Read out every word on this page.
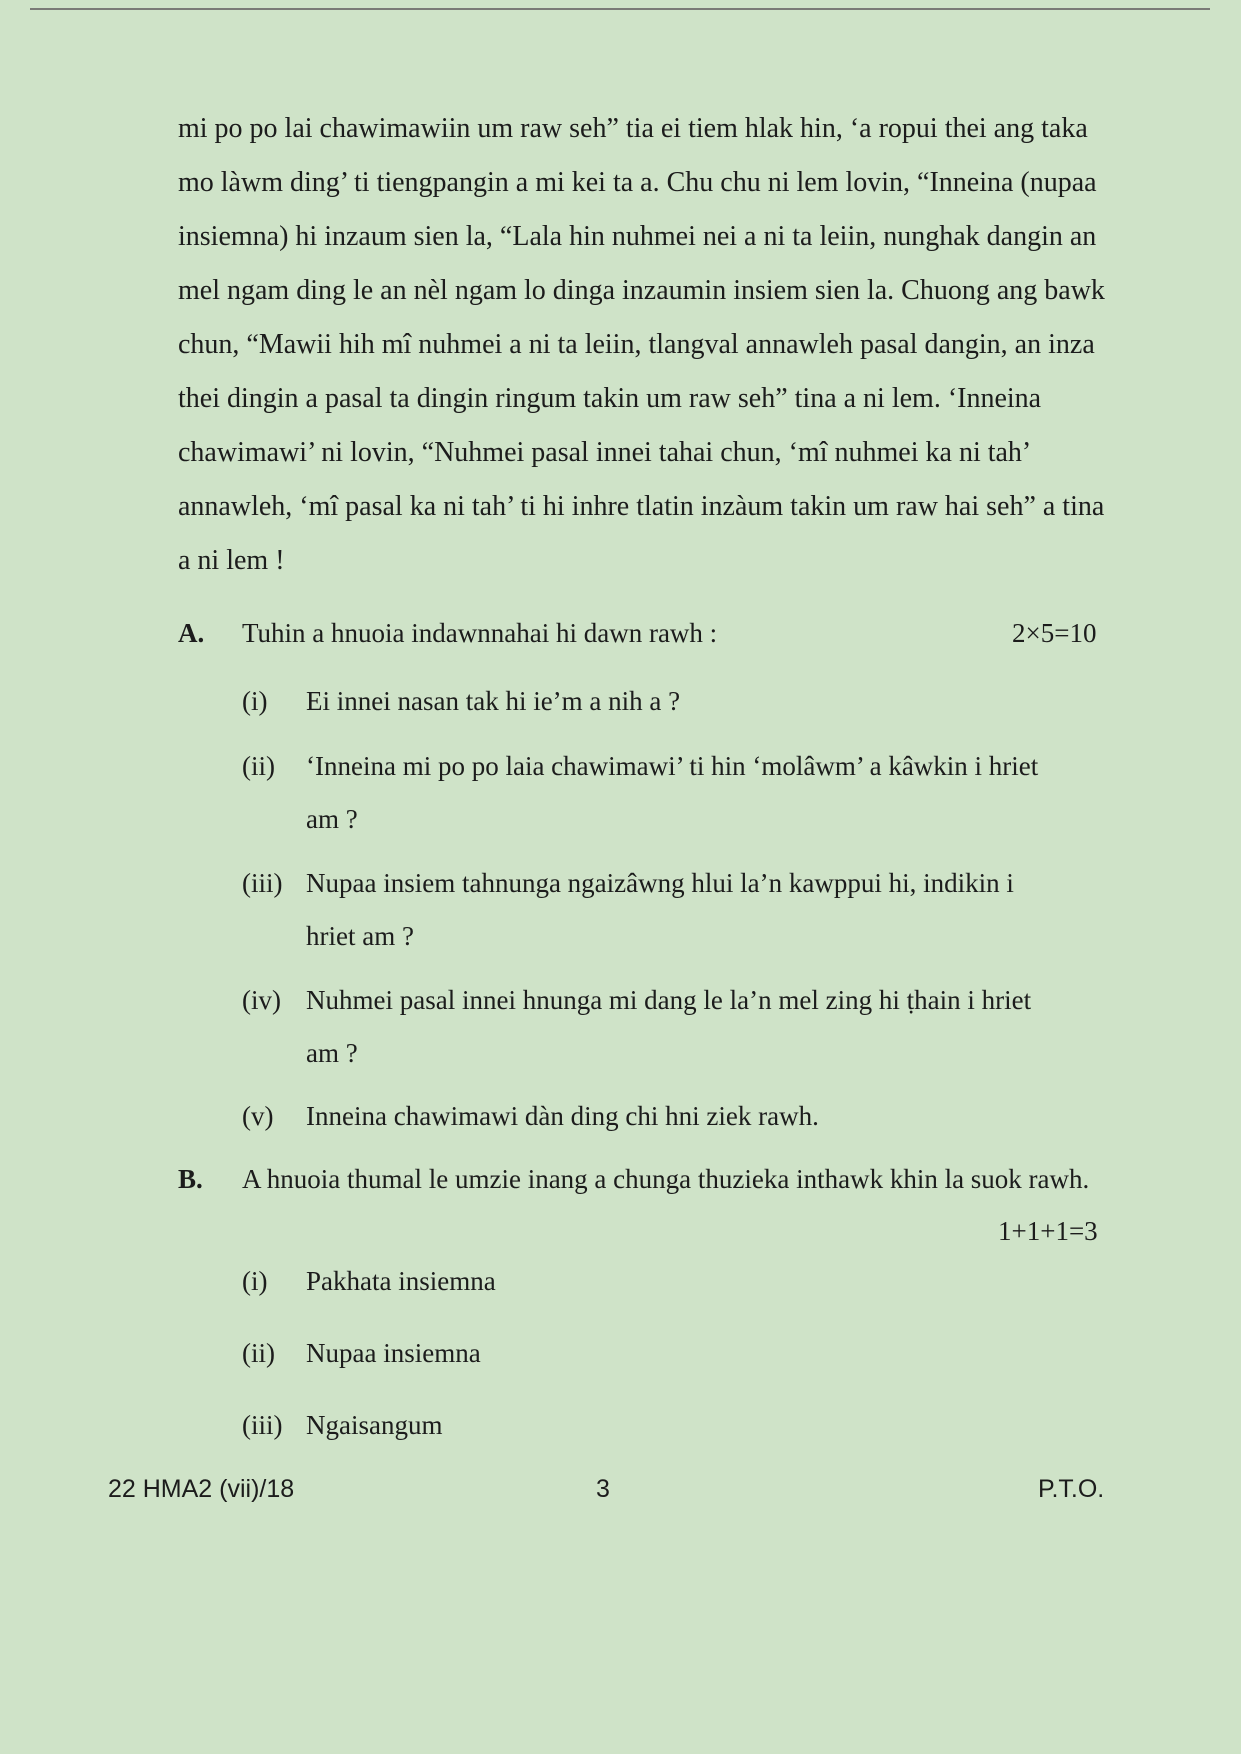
mi po po lai chawimawiin um raw seh” tia ei tiem hlak hin, ‘a ropui thei ang taka
mo làwm ding’ ti tiengpangin a mi kei ta a. Chu chu ni lem lovin, “Inneina (nupaa
insiemna) hi inzaum sien la, “Lala hin nuhmei nei a ni ta leiin, nunghak dangin an
mel ngam ding le an nèl ngam lo dinga inzaumin insiem sien la. Chuong ang bawk
chun, “Mawii hih mî nuhmei a ni ta leiin, tlangval annawleh pasal dangin, an inza
thei dingin a pasal ta dingin ringum takin um raw seh” tina a ni lem. ‘Inneina
chawimawi’ ni lovin, “Nuhmei pasal innei tahai chun, ‘mî nuhmei ka ni tah’
annawleh, ‘mî pasal ka ni tah’ ti hi inhre tlatin inzàum takin um raw hai seh” a tina
a ni lem !
A. Tuhin a hnuoia indawnnahai hi dawn rawh :	2×5=10
(i) Ei innei nasan tak hi ie’m a nih a ?
(ii) ‘Inneina mi po po laia chawimawi’ ti hin ‘molâwm’ a kâwkin i hriet
am ?
(iii) Nupaa insiem tahnunga ngaizâwng hlui la’n kawppui hi, indikin i
hriet am ?
(iv) Nuhmei pasal innei hnunga mi dang le la’n mel zing hi ṭhain i hriet
am ?
(v) Inneina chawimawi dàn ding chi hni ziek rawh.
B. A hnuoia thumal le umzie inang a chunga thuzieka inthawk khin la suok rawh.
1+1+1=3
(i) Pakhata insiemna
(ii) Nupaa insiemna
(iii) Ngaisangum
22 HMA2 (vii)/18	3	P.T.O.
